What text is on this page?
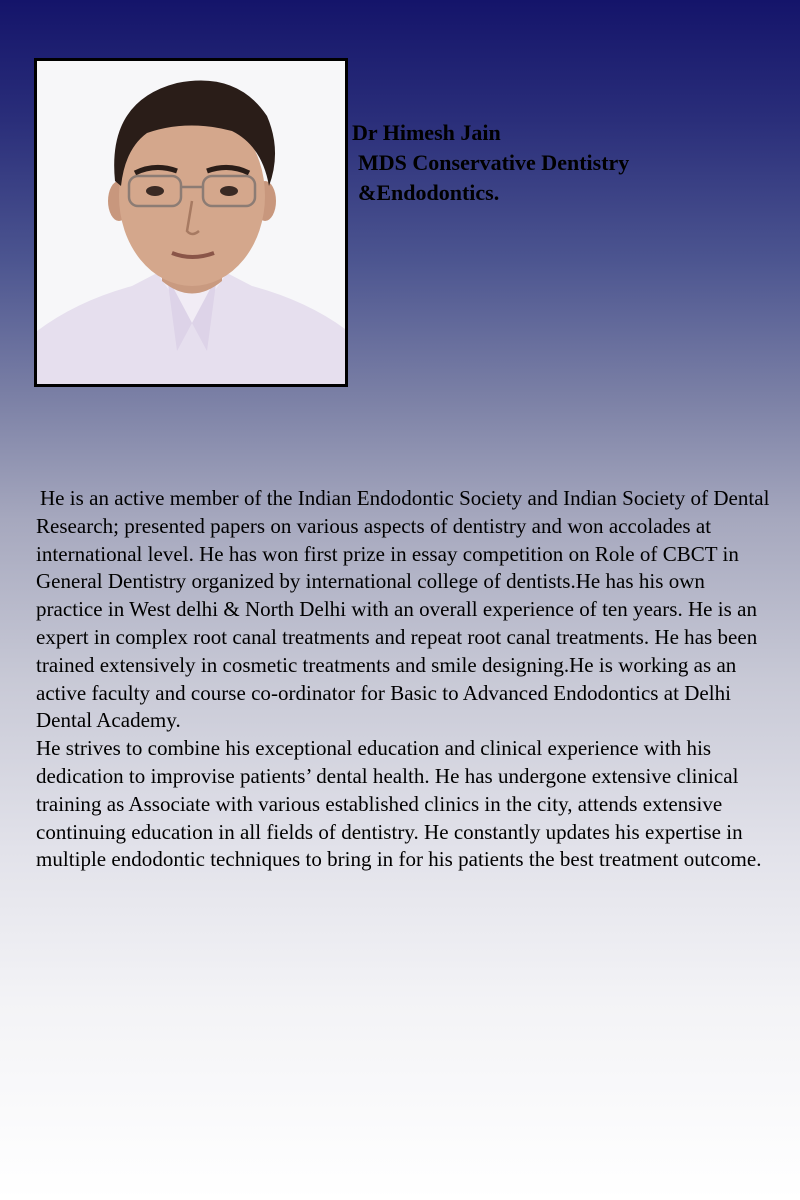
Dr Himesh Jain
MDS Conservative Dentistry
&Endodontics.

He is an active member of the Indian Endodontic Society and Indian Society of Dental Research; presented papers on various aspects of dentistry and won accolades at international level. He has won first prize in essay competition on Role of CBCT in General Dentistry organized by international college of dentists.He has his own practice in West delhi & North Delhi with an overall experience of ten years. He is an expert in complex root canal treatments and repeat root canal treatments. He has been trained extensively in cosmetic treatments and smile designing.He is working as an active faculty and course co-ordinator for Basic to Advanced Endodontics at Delhi Dental Academy.

He strives to combine his exceptional education and clinical experience with his dedication to improvise patients’ dental health. He has undergone extensive clinical training as Associate with various established clinics in the city, attends extensive continuing education in all fields of dentistry. He constantly updates his expertise in multiple endodontic techniques to bring in for his patients the best treatment outcome.
